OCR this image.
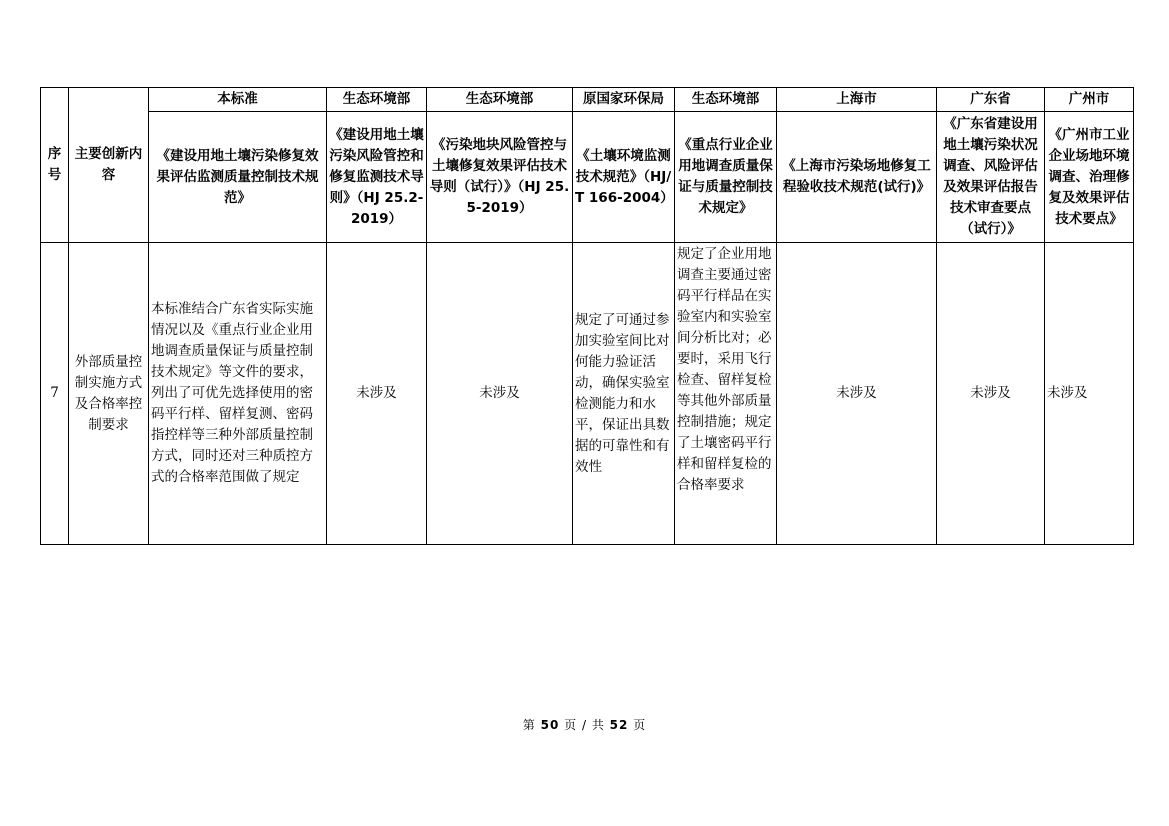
序号	主要创新内容	本标准	生态环境部	生态环境部	原国家环保局	生态环境部	上海市	广东省	广州市
		《建设用地土壤污染修复效果评估监测质量控制技术规范》	《建设用地土壤污染风险管控和修复监测技术导则》（HJ 25.2-2019）	《污染地块风险管控与土壤修复效果评估技术导则（试行）》（HJ 25.5-2019）	《土壤环境监测技术规范》（HJ/T 166-2004）	《重点行业企业用地调查质量保证与质量控制技术规定》	《上海市污染场地修复工程验收技术规范(试行)》	《广东省建设用地土壤污染状况调查、风险评估及效果评估报告技术审查要点（试行）》	《广州市工业企业场地环境调查、治理修复及效果评估技术要点》
7	外部质量控制实施方式及合格率控制要求	本标准结合广东省实际实施情况以及《重点行业企业用地调查质量保证与质量控制技术规定》等文件的要求，列出了可优先选择使用的密码平行样、留样复测、密码指控样等三种外部质量控制方式，同时还对三种质控方式的合格率范围做了规定	未涉及	未涉及	规定了可通过参加实验室间比对何能力验证活动，确保实验室检测能力和水平，保证出具数据的可靠性和有效性	规定了企业用地调查主要通过密码平行样品在实验室内和实验室间分析比对；必要时，采用飞行检查、留样复检等其他外部质量控制措施；规定了土壤密码平行样和留样复检的合格率要求	未涉及	未涉及	未涉及
第 50 页 / 共 52 页
